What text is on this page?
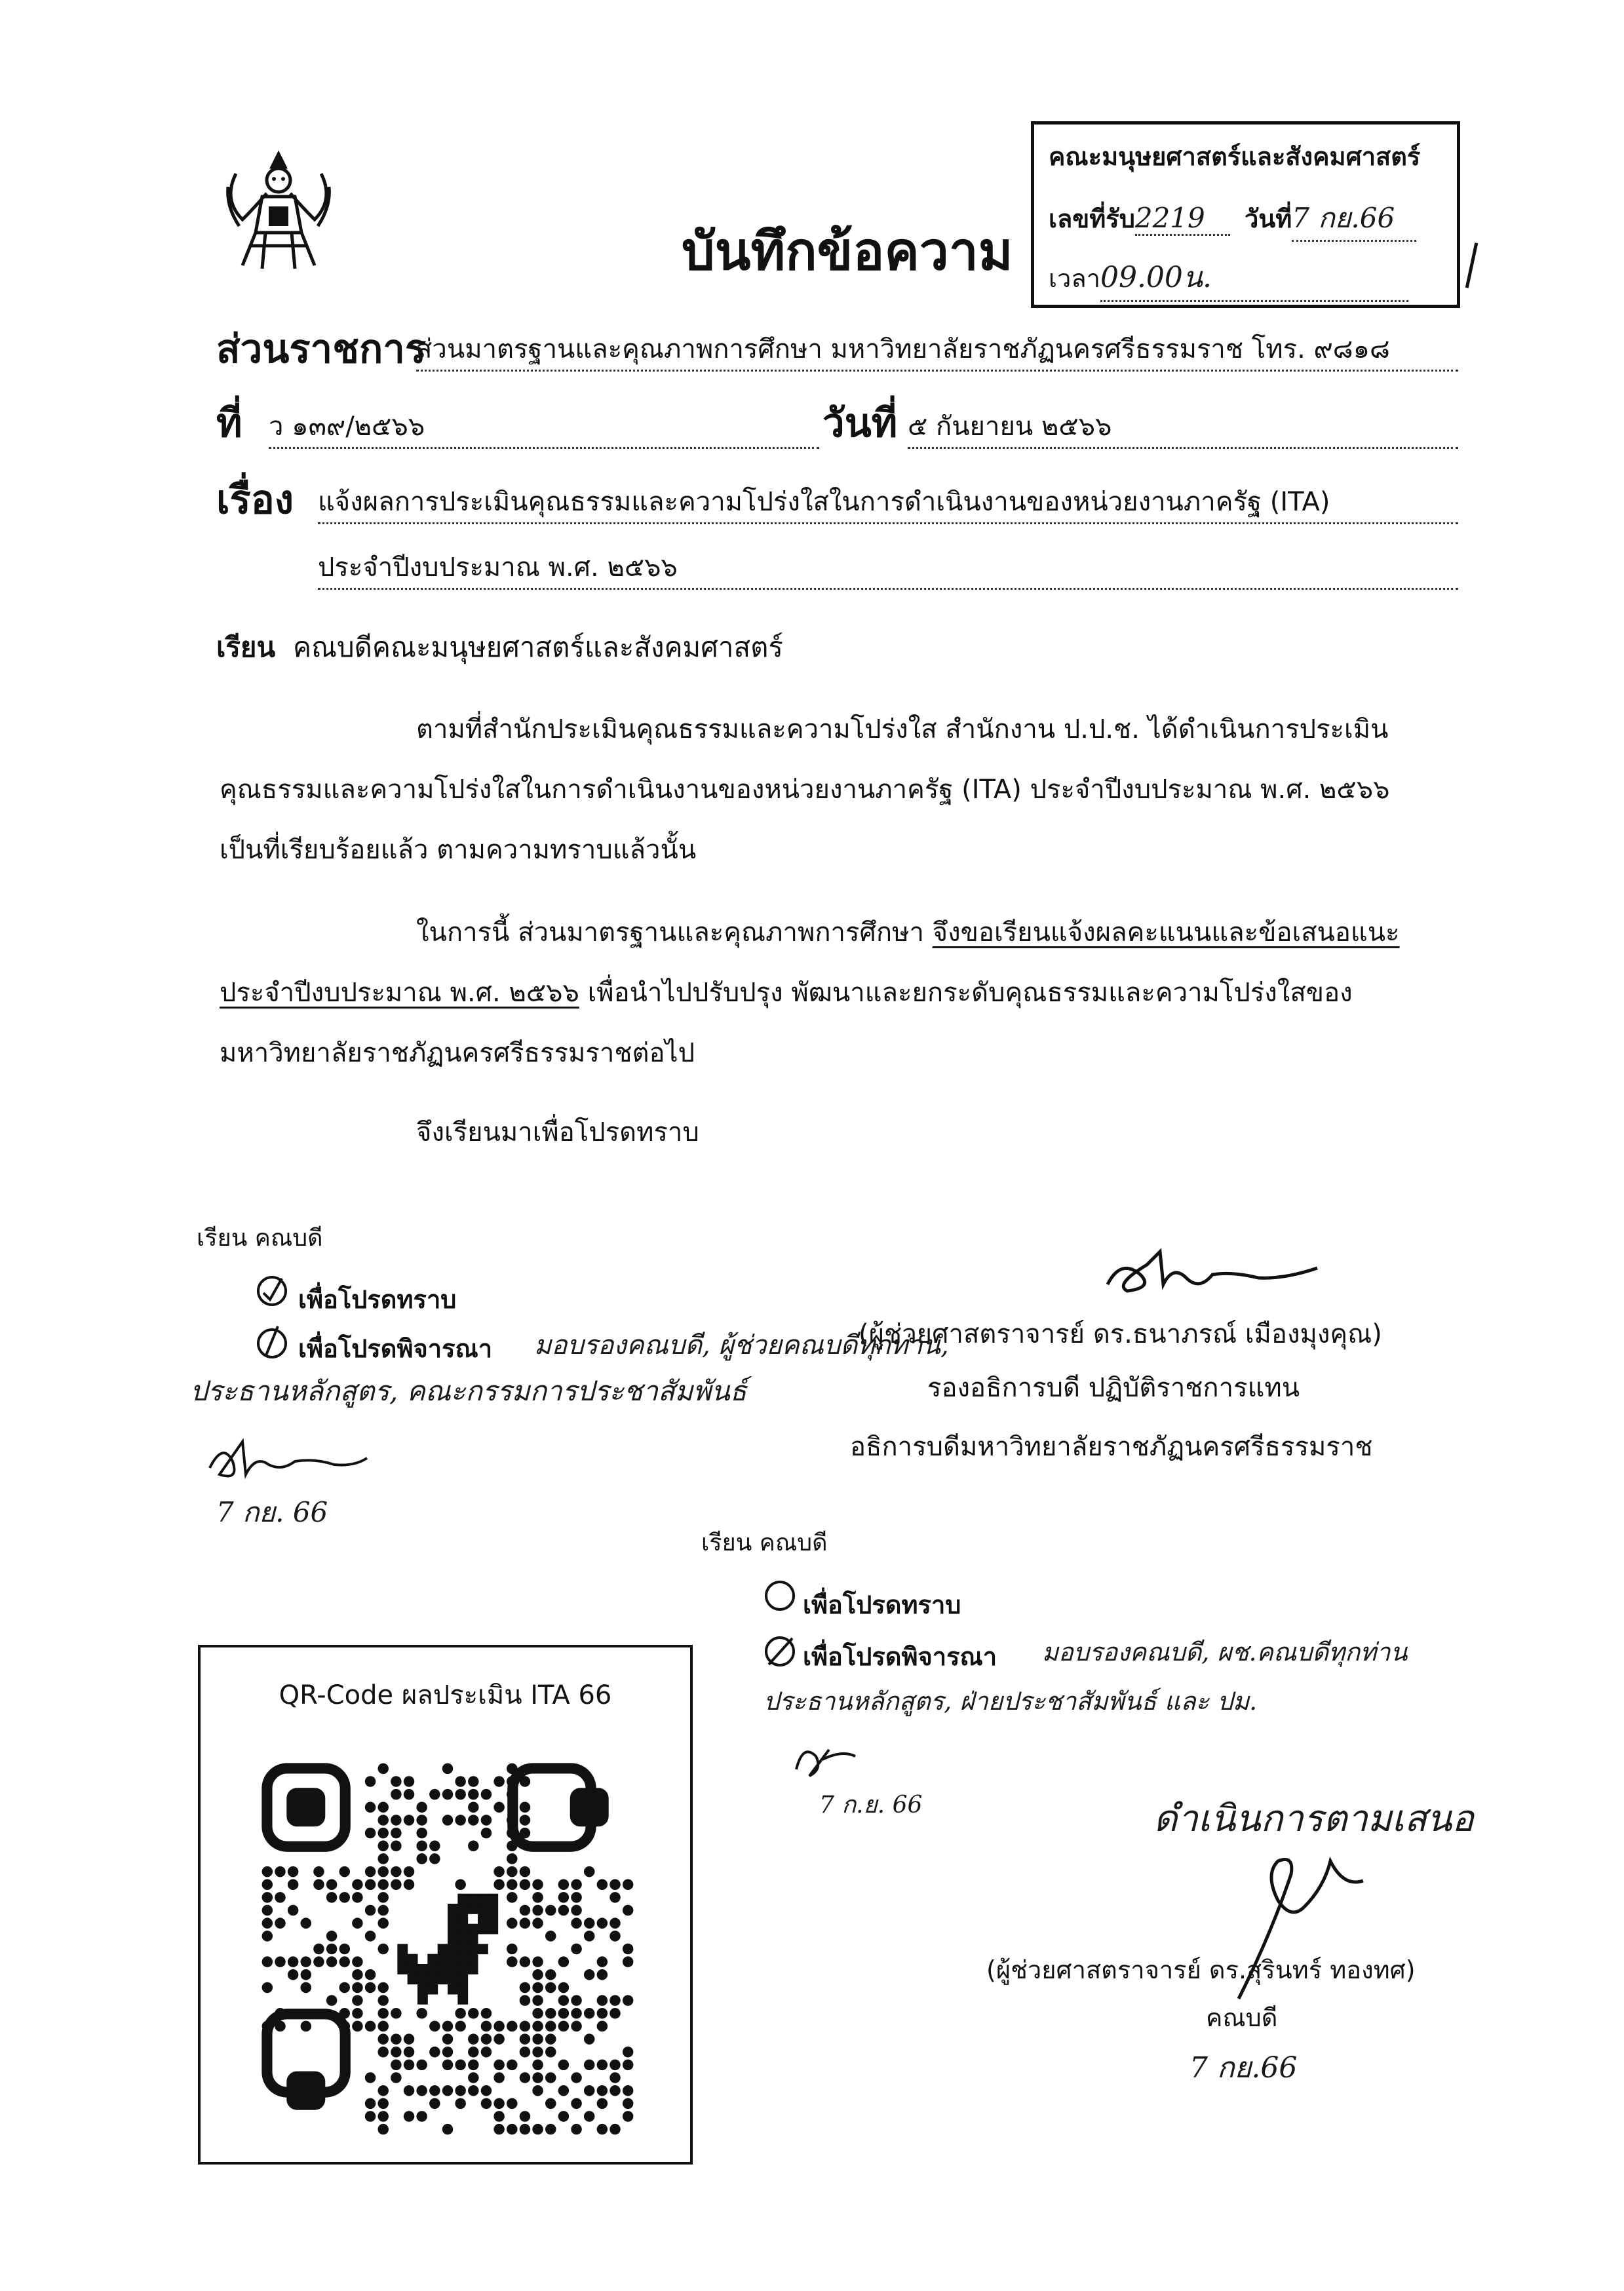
คณะมนุษยศาสตร์และสังคมศาสตร์
เลขที่รับ2219 วันที่7 กย.66
เวลา09.00น.
บันทึกข้อความ
ส่วนราชการ
ส่วนมาตรฐานและคุณภาพการศึกษา มหาวิทยาลัยราชภัฏนครศรีธรรมราช โทร. ๙๘๑๘
ที่ ว ๑๓๙/๒๕๖๖	วันที่ ๕ กันยายน ๒๕๖๖
เรื่อง แจ้งผลการประเมินคุณธรรมและความโปร่งใสในการดำเนินงานของหน่วยงานภาครัฐ (ITA)
ประจำปีงบประมาณ พ.ศ. ๒๕๖๖
เรียน คณบดีคณะมนุษยศาสตร์และสังคมศาสตร์
ตามที่สำนักประเมินคุณธรรมและความโปร่งใส สำนักงาน ป.ป.ช. ได้ดำเนินการประเมิน
คุณธรรมและความโปร่งใสในการดำเนินงานของหน่วยงานภาครัฐ (ITA) ประจำปีงบประมาณ พ.ศ. ๒๕๖๖
เป็นที่เรียบร้อยแล้ว ตามความทราบแล้วนั้น
ในการนี้ ส่วนมาตรฐานและคุณภาพการศึกษา จึงขอเรียนแจ้งผลคะแนนและข้อเสนอแนะ
ประจำปีงบประมาณ พ.ศ. ๒๕๖๖ เพื่อนำไปปรับปรุง พัฒนาและยกระดับคุณธรรมและความโปร่งใสของ
มหาวิทยาลัยราชภัฏนครศรีธรรมราชต่อไป
จึงเรียนมาเพื่อโปรดทราบ
(ผู้ช่วยศาสตราจารย์ ดร.ธนาภรณ์ เมืองมุงคุณ)
รองอธิการบดี ปฏิบัติราชการแทน
อธิการบดีมหาวิทยาลัยราชภัฏนครศรีธรรมราช
เรียน คณบดี
เพื่อโปรดทราบ
เพื่อโปรดพิจารณา มอบรองคณบดี, ผู้ช่วยคณบดีทุกท่าน,
ประธานหลักสูตร, คณะกรรมการประชาสัมพันธ์
7 กย. 66
เรียน คณบดี
เพื่อโปรดทราบ
เพื่อโปรดพิจารณา มอบรองคณบดี, ผช.คณบดีทุกท่าน
ประธานหลักสูตร, ฝ่ายประชาสัมพันธ์ และ ปม.
7 ก.ย. 66	ดำเนินการตามเสนอ
(ผู้ช่วยศาสตราจารย์ ดร.สุรินทร์ ทองทศ)
คณบดี
7 กย.66
QR-Code ผลประเมิน ITA 66
